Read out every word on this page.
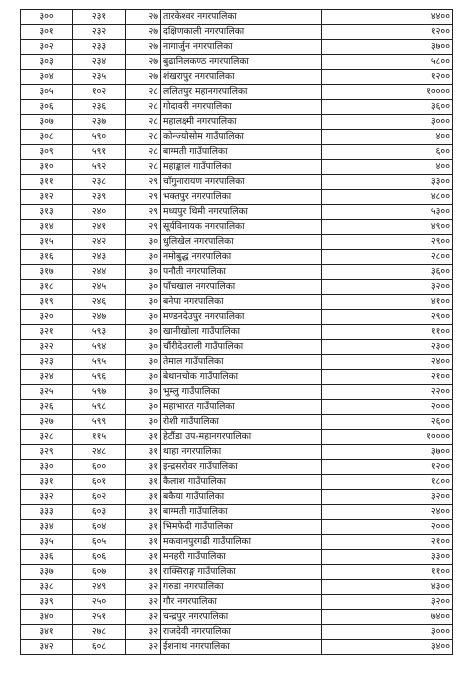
३००	२३१	२७	तारकेश्वर नगरपालिका	४४००
३०१	२३२	२७	दक्षिणकाली नगरपालिका	१२००
३०२	२३३	२७	नागार्जुन नगरपालिका	३७००
३०३	२३४	२७	बुढानिलकण्ठ नगरपालिका	५८००
३०४	२३५	२७	शंखरापुर नगरपालिका	१२००
३०५	१०२	२८	ललितपुर महानगरपालिका	१००००
३०६	२३६	२८	गोदावरी नगरपालिका	३६००
३०७	२३७	२८	महालक्ष्मी नगरपालिका	३०००
३०८	५९०	२८	कोन्ज्योसोम गाउँपालिका	४००
३०९	५९१	२८	बाग्मती गाउँपालिका	६००
३१०	५९२	२८	महाङ्काल गाउँपालिका	४००
३११	२३८	२९	चाँगुनारायण नगरपालिका	३३००
३१२	२३९	२९	भक्तपुर नगरपालिका	४८००
३१३	२४०	२९	मध्यपुर थिमी नगरपालिका	५३००
३१४	२४१	२९	सूर्यविनायक नगरपालिका	४९००
३१५	२४२	३०	धुलिखेल नगरपालिका	२९००
३१६	२४३	३०	नमोबुद्ध नगरपालिका	२८००
३१७	२४४	३०	पनौती नगरपालिका	३६००
३१८	२४५	३०	पाँचखाल नगरपालिका	३२००
३१९	२४६	३०	बनेपा नगरपालिका	४१००
३२०	२४७	३०	मण्डनदेउपुर नगरपालिका	२९००
३२१	५९३	३०	खानीखोला गाउँपालिका	११००
३२२	५९४	३०	चौंरीदेउराली गाउँपालिका	२३००
३२३	५९५	३०	तेमाल गाउँपालिका	२४००
३२४	५९६	३०	बेथानचोक गाउँपालिका	२१००
३२५	५९७	३०	भुम्लु गाउँपालिका	२२००
३२६	५९८	३०	महाभारत गाउँपालिका	२०००
३२७	५९९	३०	रोशी गाउँपालिका	२६००
३२८	११५	३१	हेटौंडा उप-महानगरपालिका	१००००
३२९	२४८	३१	थाहा नगरपालिका	३७००
३३०	६००	३१	इन्द्रसरोवर गाउँपालिका	१२००
३३१	६०१	३१	कैलाश गाउँपालिका	१८००
३३२	६०२	३१	बकैया गाउँपालिका	३२००
३३३	६०३	३१	बाग्मती गाउँपालिका	२४००
३३४	६०४	३१	भिमफेदी गाउँपालिका	२०००
३३५	६०५	३१	मकवानपुरगढी गाउँपालिका	२१००
३३६	६०६	३१	मनहरी गाउँपालिका	३३००
३३७	६०७	३१	राक्सिराङ्ग गाउँपालिका	११००
३३८	२४९	३२	गरुडा नगरपालिका	४३००
३३९	२५०	३२	गौर नगरपालिका	३२००
३४०	२५१	३२	चन्द्रपुर नगरपालिका	७४००
३४१	२७८	३२	राजदेवी नगरपालिका	३०००
३४२	६०८	३२	ईशनाथ नगरपालिका	३४००
